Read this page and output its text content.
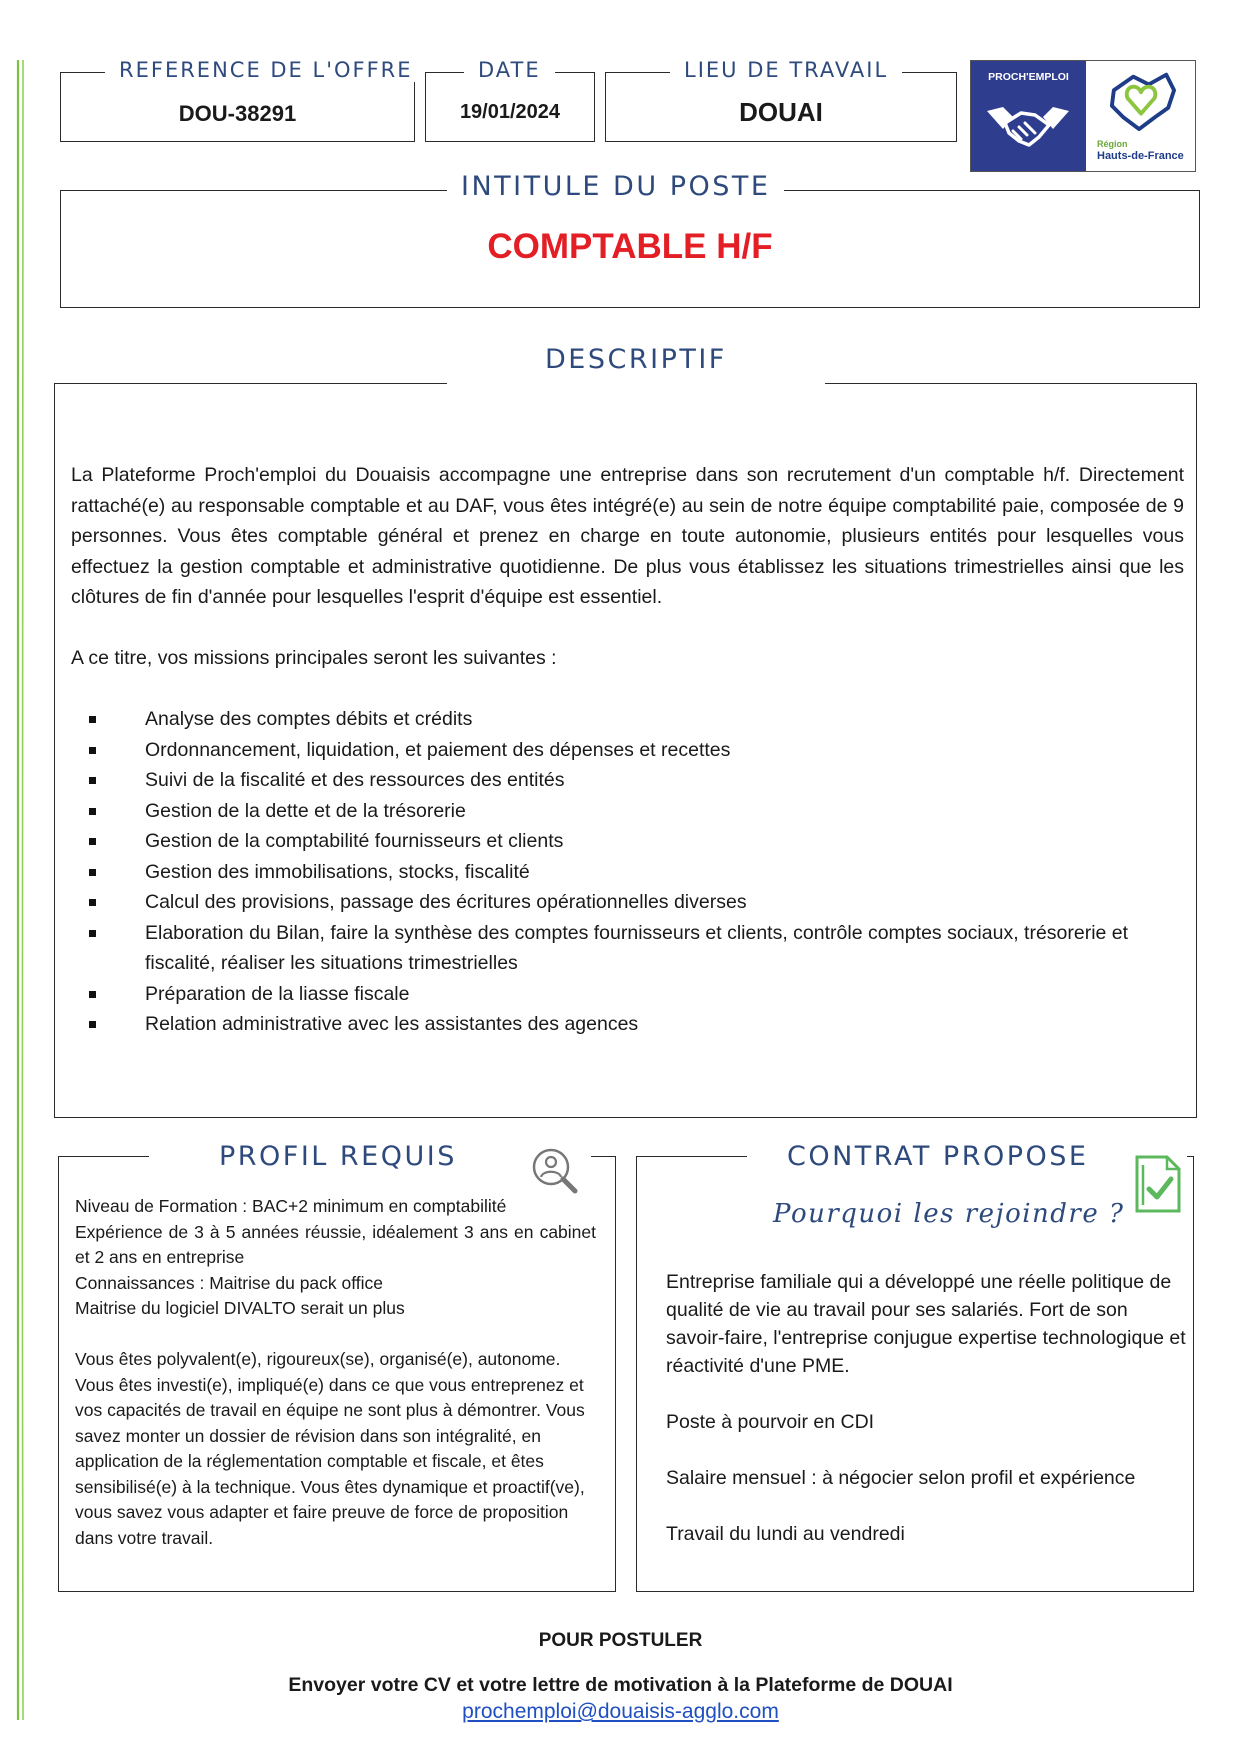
REFERENCE DE L'OFFRE
DOU-38291
DATE
19/01/2024
LIEU DE TRAVAIL
DOUAI
PROCH'EMPLOI
Région
Hauts-de-France
INTITULE DU POSTE
COMPTABLE H/F
DESCRIPTIF

La Plateforme Proch'emploi du Douaisis accompagne une entreprise dans son recrutement d'un comptable h/f. Directement rattaché(e) au responsable comptable et au DAF, vous êtes intégré(e) au sein de notre équipe comptabilité paie, composée de 9 personnes. Vous êtes comptable général et prenez en charge en toute autonomie, plusieurs entités pour lesquelles vous effectuez la gestion comptable et administrative quotidienne. De plus vous établissez les situations trimestrielles ainsi que les clôtures de fin d'année pour lesquelles l'esprit d'équipe est essentiel.

A ce titre, vos missions principales seront les suivantes :

Analyse des comptes débits et crédits
Ordonnancement, liquidation, et paiement des dépenses et recettes
Suivi de la fiscalité et des ressources des entités
Gestion de la dette et de la trésorerie
Gestion de la comptabilité fournisseurs et clients
Gestion des immobilisations, stocks, fiscalité
Calcul des provisions, passage des écritures opérationnelles diverses
Elaboration du Bilan, faire la synthèse des comptes fournisseurs et clients, contrôle comptes sociaux, trésorerie et fiscalité, réaliser les situations trimestrielles
Préparation de la liasse fiscale
Relation administrative avec les assistantes des agences
PROFIL REQUIS

Niveau de Formation : BAC+2 minimum en comptabilité

Expérience de 3 à 5 années réussie, idéalement 3 ans en cabinet et 2 ans en entreprise

Connaissances : Maitrise du pack office

Maitrise du logiciel DIVALTO serait un plus

Vous êtes polyvalent(e), rigoureux(se), organisé(e), autonome. Vous êtes investi(e), impliqué(e) dans ce que vous entreprenez et vos capacités de travail en équipe ne sont plus à démontrer. Vous savez monter un dossier de révision dans son intégralité, en application de la réglementation comptable et fiscale, et êtes sensibilisé(e) à la technique. Vous êtes dynamique et proactif(ve), vous savez vous adapter et faire preuve de force de proposition dans votre travail.

CONTRAT PROPOSE
Pourquoi les rejoindre ?

Entreprise familiale qui a développé une réelle politique de qualité de vie au travail pour ses salariés. Fort de son savoir-faire, l'entreprise conjugue expertise technologique et réactivité d'une PME.

Poste à pourvoir en CDI

Salaire mensuel : à négocier selon profil et expérience

Travail du lundi au vendredi

POUR POSTULER
Envoyer votre CV et votre lettre de motivation à la Plateforme de DOUAI
prochemploi@douaisis-agglo.com
